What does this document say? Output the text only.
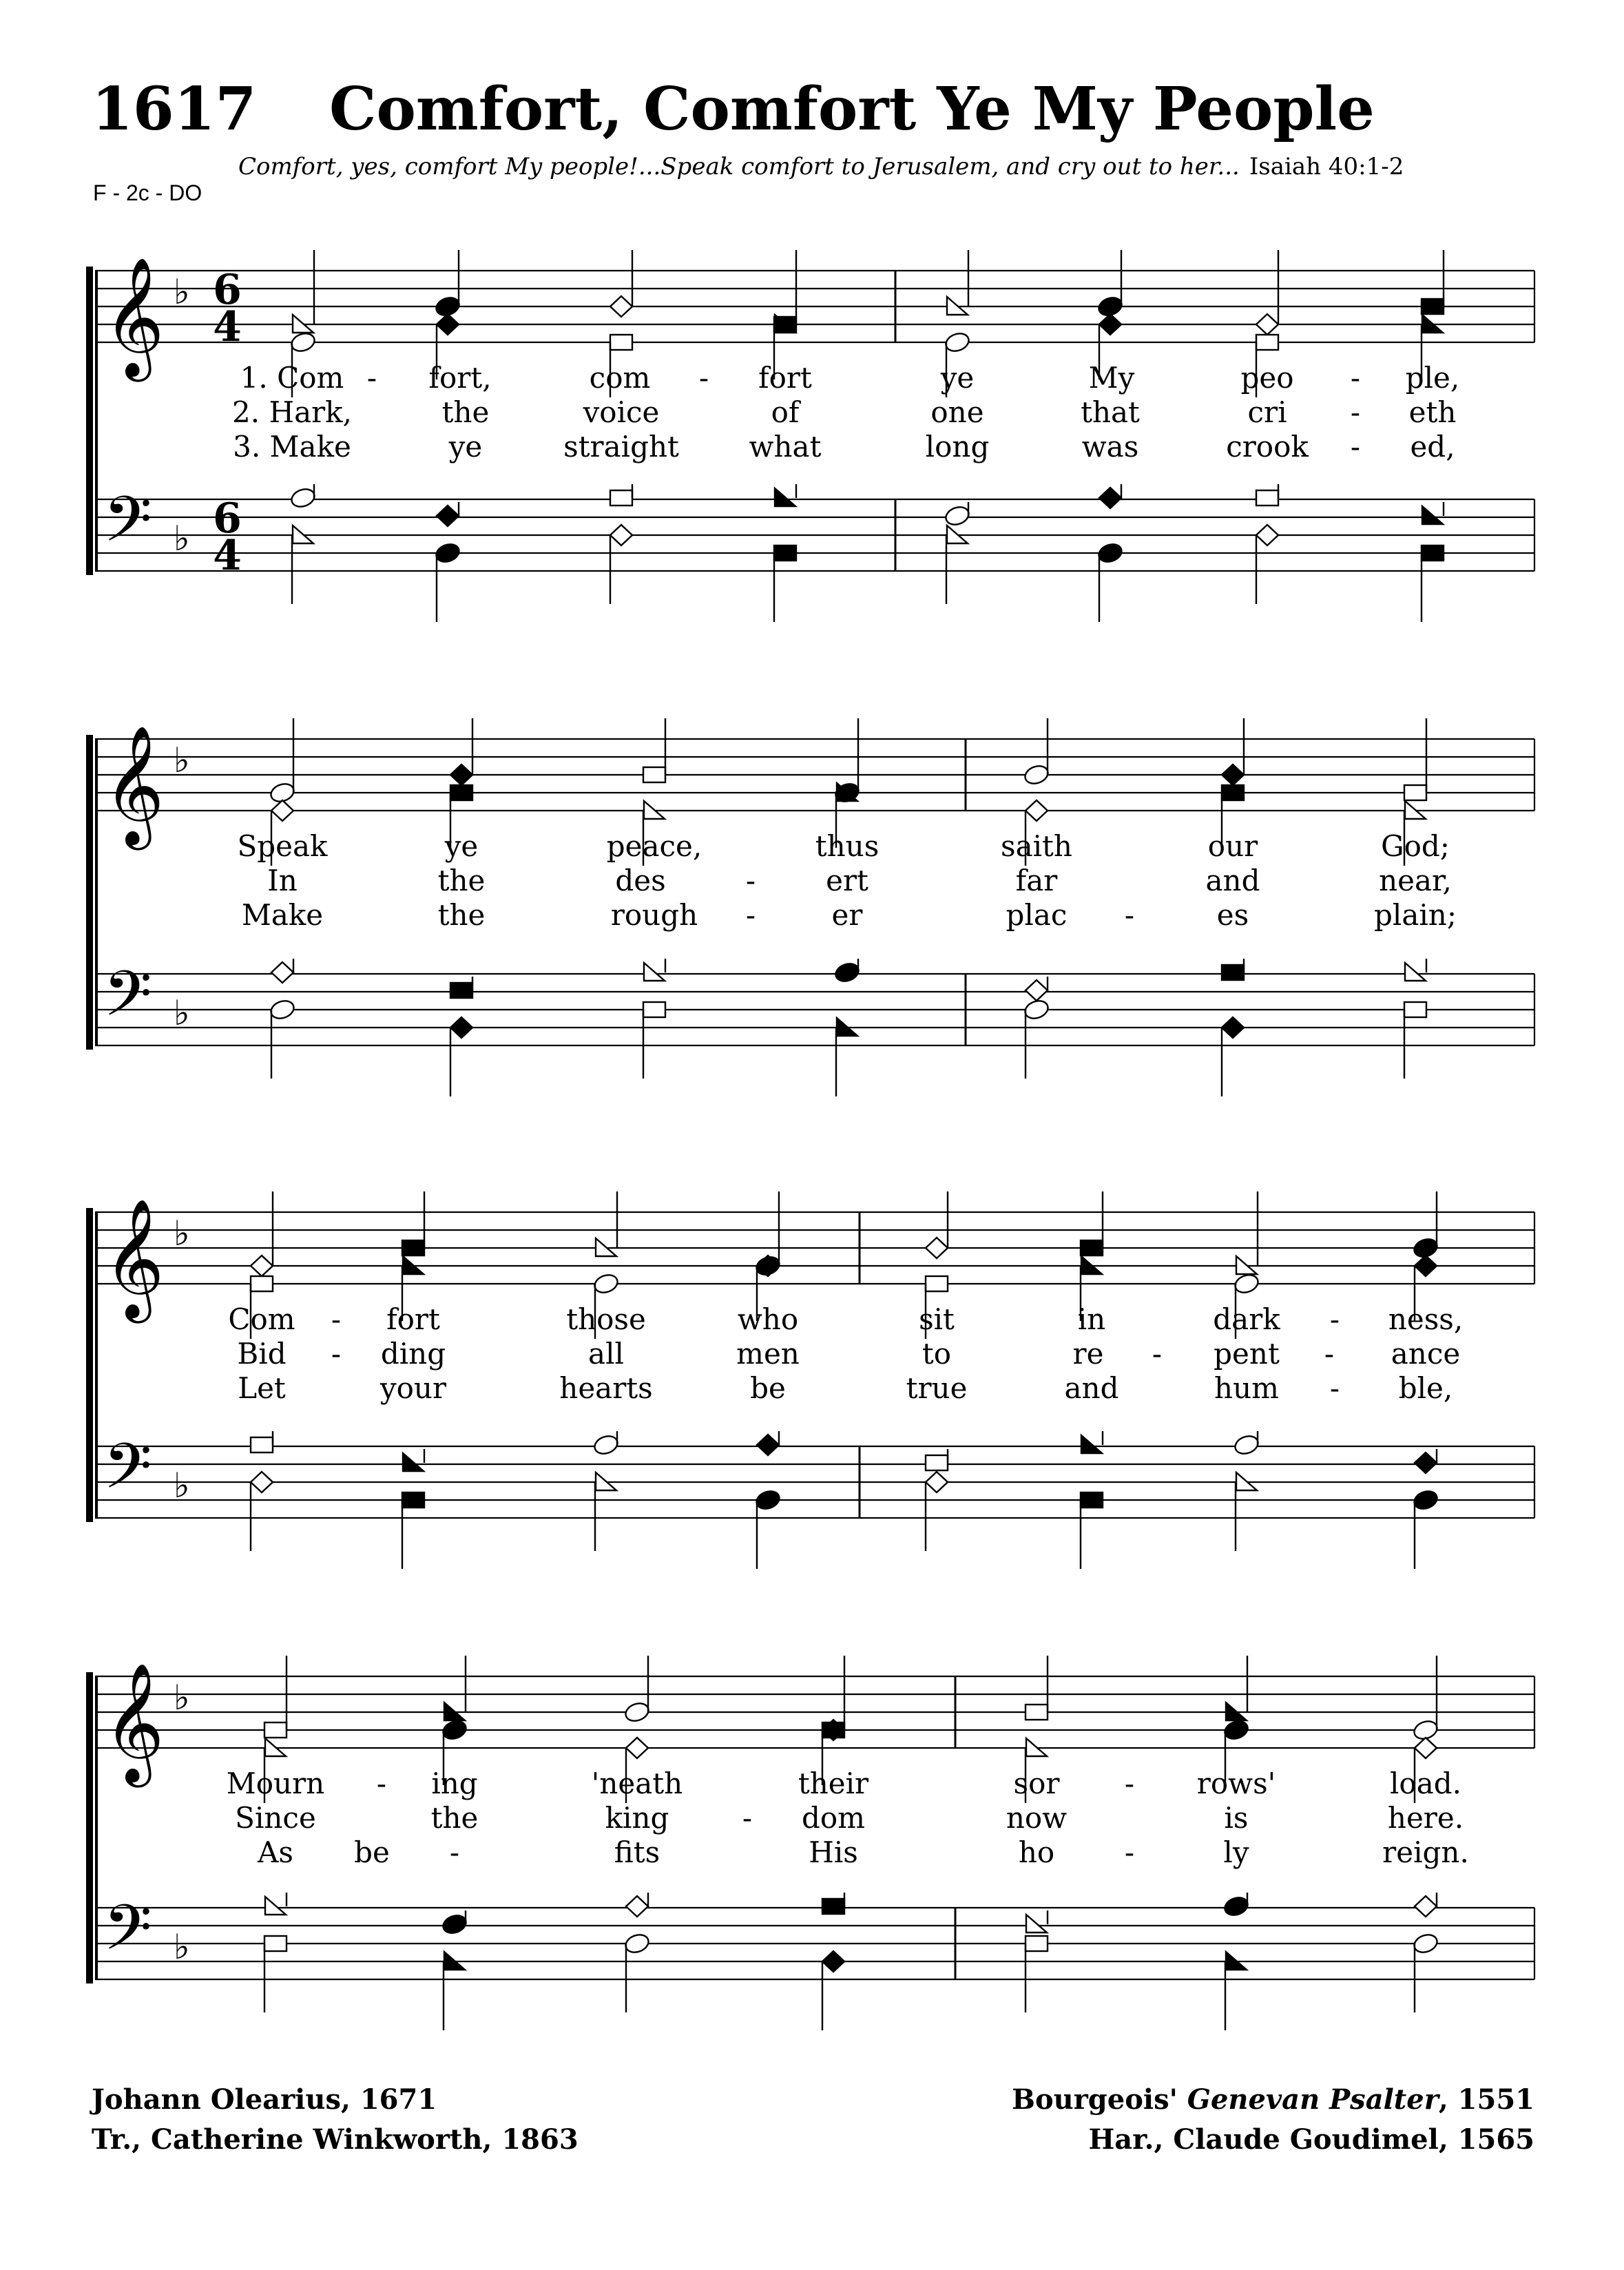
1617 Comfort, Comfort Ye My People
Comfort, yes, comfort My people!...Speak comfort to Jerusalem, and cry out to her... Isaiah 40:1-2
F - 2c - DO
𝄞
𝄢
♭
♭
6
4
6
4
1. Com - fort,	com - fort	ye	My	peo - ple,
2. Hark,	the	voice	of	one	that	cri - eth
3. Make	ye	straight what	long	was	crook - ed,
𝄞
𝄢
♭
♭
Speak	ye	peace,	thus	saith	our	God;
In	the	des	- ert	far	and	near,
Make	the	rough -	er	plac -	es	plain;
𝄞
𝄢
♭
♭
Com - fort	those	who	sit	in	dark - ness,
Bid - ding	all	men	to	re - pent - ance
Let	your	hearts	be	true	and	hum - ble,
𝄞
𝄢
♭
♭
Mourn - ing	'neath	their	sor - rows'	load.
Since	the	king	- dom	now	is	here.
As be -	fits	His	ho -	ly	reign.
Johann Olearius, 1671
Tr., Catherine Winkworth, 1863
Bourgeois' Genevan Psalter, 1551
Har., Claude Goudimel, 1565
